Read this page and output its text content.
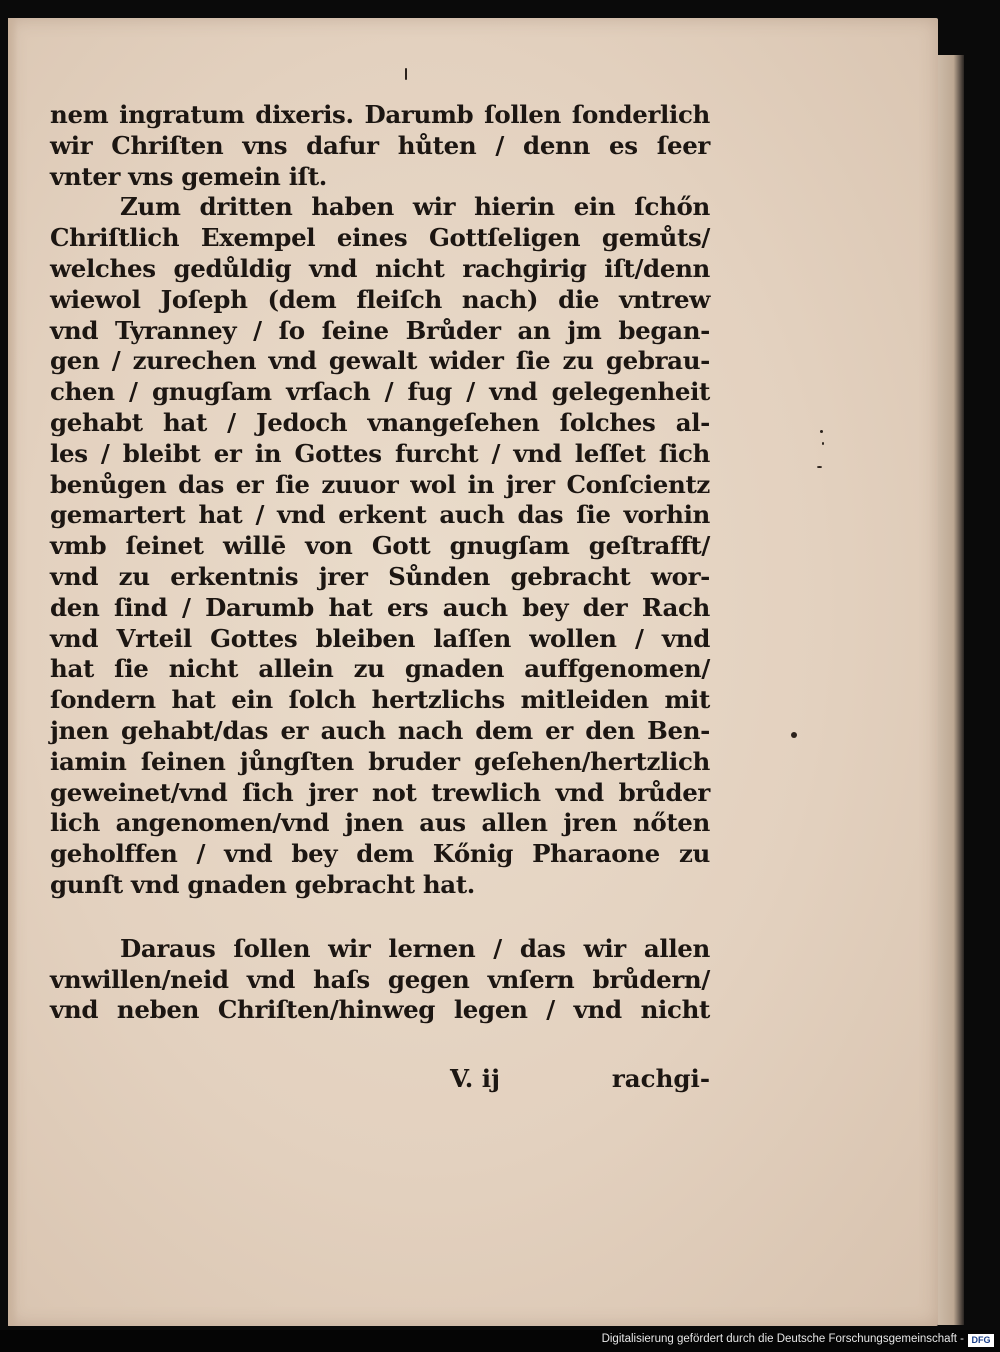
nem ingratum dixeris. Darumb ſollen ſonderlich
wir Chriſten vns dafur hůten / denn es ſeer
vnter vns gemein iſt.
Zum dritten haben wir hierin ein ſchőn
Chriſtlich Exempel eines Gottſeligen gemůts/
welches gedůldig vnd nicht rachgirig iſt/denn
wiewol Joſeph (dem fleiſch nach) die vntrew
vnd Tyranney / ſo ſeine Brůder an jm began-
gen / zurechen vnd gewalt wider ſie zu gebrau-
chen / gnugſam vrſach / fug / vnd gelegenheit
gehabt hat / Jedoch vnangeſehen ſolches al-
les / bleibt er in Gottes furcht / vnd leſſet ſich
benůgen das er ſie zuuor wol in jrer Conſcientz
gemartert hat / vnd erkent auch das ſie vorhin
vmb ſeinet willē von Gott gnugſam geſtrafft/
vnd zu erkentnis jrer Sůnden gebracht wor-
den ſind / Darumb hat ers auch bey der Rach
vnd Vrteil Gottes bleiben laſſen wollen / vnd
hat ſie nicht allein zu gnaden auffgenomen/
ſondern hat ein ſolch hertzlichs mitleiden mit
jnen gehabt/das er auch nach dem er den Ben-
iamin ſeinen jůngſten bruder geſehen/hertzlich
geweinet/vnd ſich jrer not trewlich vnd brůder
lich angenomen/vnd jnen aus allen jren nőten
geholffen / vnd bey dem Kőnig Pharaone zu
gunſt vnd gnaden gebracht hat.
Daraus ſollen wir lernen / das wir allen
vnwillen/neid vnd haſs gegen vnſern brůdern/
vnd neben Chriſten/hinweg legen / vnd nicht
V. ij	rachgi-
Digitalisierung gefördert durch die Deutsche Forschungsgemeinschaft - DFG
